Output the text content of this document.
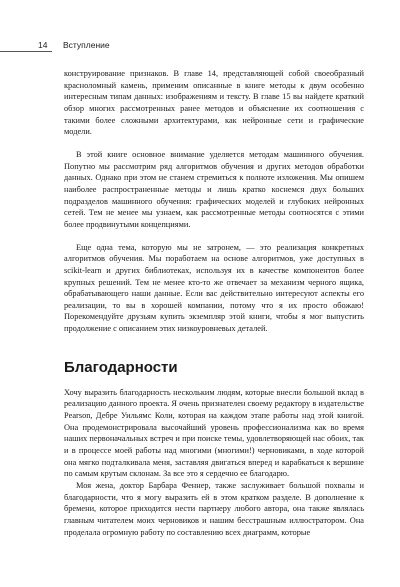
14 Вступление

конструирование признаков. В главе 14, представляющей собой своеобразный красноломный камень, применим описанные в книге методы к двум особенно интересным типам данных: изображениям и тексту. В главе 15 вы найдете краткий обзор многих рассмотренных ранее методов и объяснение их соотношения с такими более сложными архитектурами, как нейронные сети и графические модели.

В этой книге основное внимание уделяется методам машинного обучения. Попутно мы рассмотрим ряд алгоритмов обучения и других методов обработки данных. Однако при этом не станем стремиться к полноте изложения. Мы опишем наиболее распространенные методы и лишь кратко коснемся двух больших подразделов машинного обучения: графических моделей и глубоких нейронных сетей. Тем не менее мы узнаем, как рассмотренные методы соотносятся с этими более продвинутыми концепциями.

Еще одна тема, которую мы не затронем, — это реализация конкретных алгоритмов обучения. Мы поработаем на основе алгоритмов, уже доступных в scikit-learn и других библиотеках, используя их в качестве компонентов более крупных решений. Тем не менее кто-то же отвечает за механизм черного ящика, обрабатывающего наши данные. Если вас действительно интересуют аспекты его реализации, то вы в хорошей компании, потому что я их просто обожаю! Порекомендуйте друзьям купить экземпляр этой книги, чтобы я мог выпустить продолжение с описанием этих низкоуровневых деталей.

Благодарности

Хочу выразить благодарность нескольким людям, которые внесли большой вклад в реализацию данного проекта. Я очень признателен своему редактору в издательстве Pearson, Дебре Уильямс Коли, которая на каждом этапе работы над этой книгой. Она продемонстрировала высочайший уровень профессионализма как во время наших первоначальных встреч и при поиске темы, удовлетворяющей нас обоих, так и в процессе моей работы над многими (многими!) черновиками, в ходе которой она мягко подталкивала меня, заставляя двигаться вперед и карабкаться к вершине по самым крутым склонам. За все это я сердечно ее благодарю.

Моя жена, доктор Барбара Феннер, также заслуживает большой похвалы и благодарности, что я могу выразить ей в этом кратком разделе. В дополнение к бремени, которое приходится нести партнеру любого автора, она также являлась главным читателем моих черновиков и нашим бесстрашным иллюстратором. Она проделала огромную работу по составлению всех диаграмм, которые
